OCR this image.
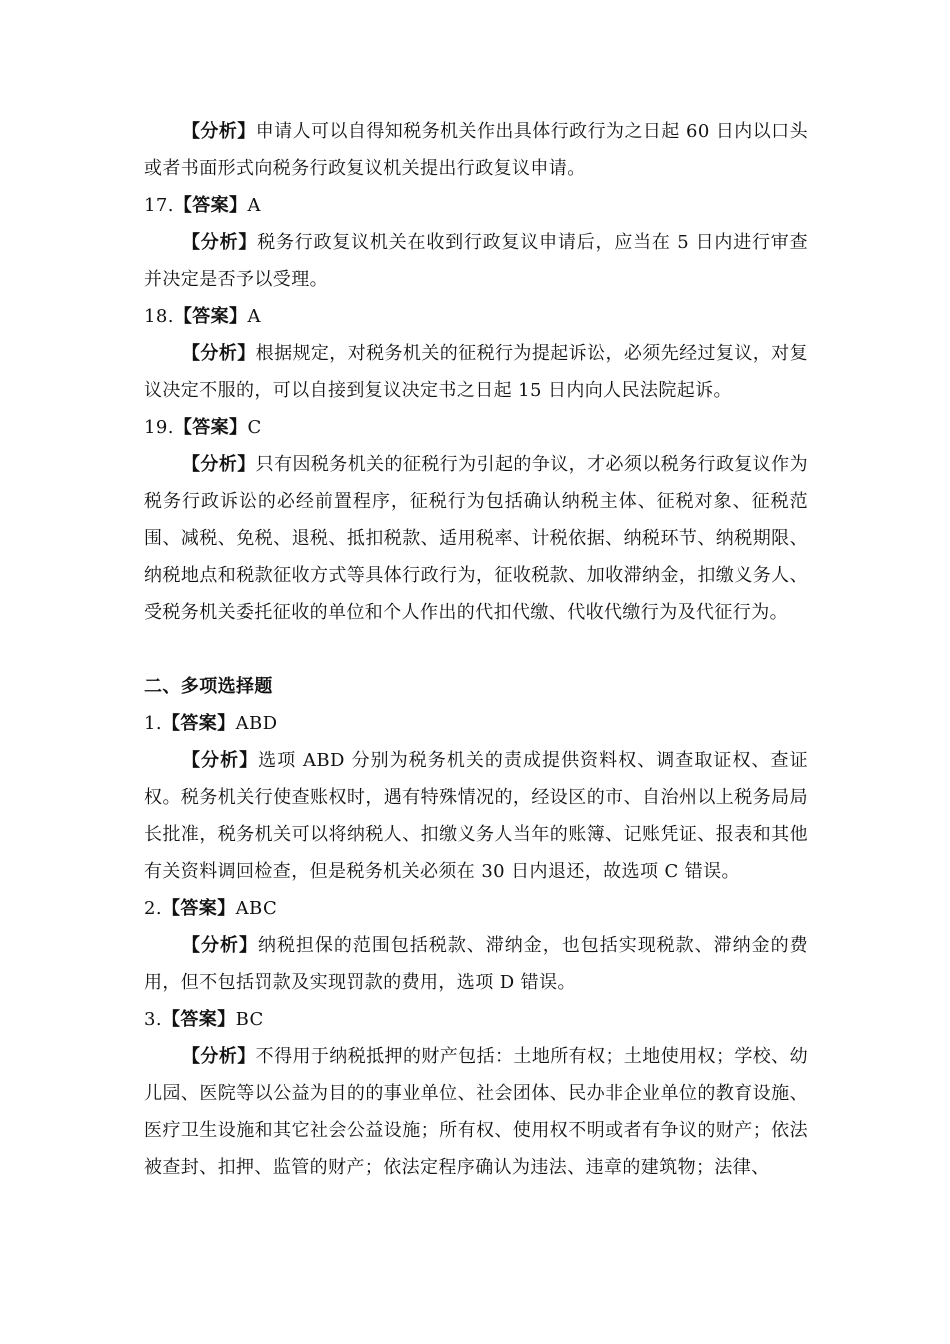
【分析】申请人可以自得知税务机关作出具体行政行为之日起 60 日内以口头或者书面形式向税务行政复议机关提出行政复议申请。

17.【答案】A

【分析】税务行政复议机关在收到行政复议申请后，应当在 5 日内进行审查并决定是否予以受理。

18.【答案】A

【分析】根据规定，对税务机关的征税行为提起诉讼，必须先经过复议，对复议决定不服的，可以自接到复议决定书之日起 15 日内向人民法院起诉。

19.【答案】C

【分析】只有因税务机关的征税行为引起的争议，才必须以税务行政复议作为税务行政诉讼的必经前置程序，征税行为包括确认纳税主体、征税对象、征税范围、减税、免税、退税、抵扣税款、适用税率、计税依据、纳税环节、纳税期限、纳税地点和税款征收方式等具体行政行为，征收税款、加收滞纳金，扣缴义务人、受税务机关委托征收的单位和个人作出的代扣代缴、代收代缴行为及代征行为。

二、多项选择题

1.【答案】ABD

【分析】选项 ABD 分别为税务机关的责成提供资料权、调查取证权、查证权。税务机关行使查账权时，遇有特殊情况的，经设区的市、自治州以上税务局局长批准，税务机关可以将纳税人、扣缴义务人当年的账簿、记账凭证、报表和其他有关资料调回检查，但是税务机关必须在 30 日内退还，故选项 C 错误。

2.【答案】ABC

【分析】纳税担保的范围包括税款、滞纳金，也包括实现税款、滞纳金的费用，但不包括罚款及实现罚款的费用，选项 D 错误。

3.【答案】BC

【分析】不得用于纳税抵押的财产包括：土地所有权；土地使用权；学校、幼儿园、医院等以公益为目的的事业单位、社会团体、民办非企业单位的教育设施、医疗卫生设施和其它社会公益设施；所有权、使用权不明或者有争议的财产；依法被查封、扣押、监管的财产；依法定程序确认为违法、违章的建筑物；法律、
